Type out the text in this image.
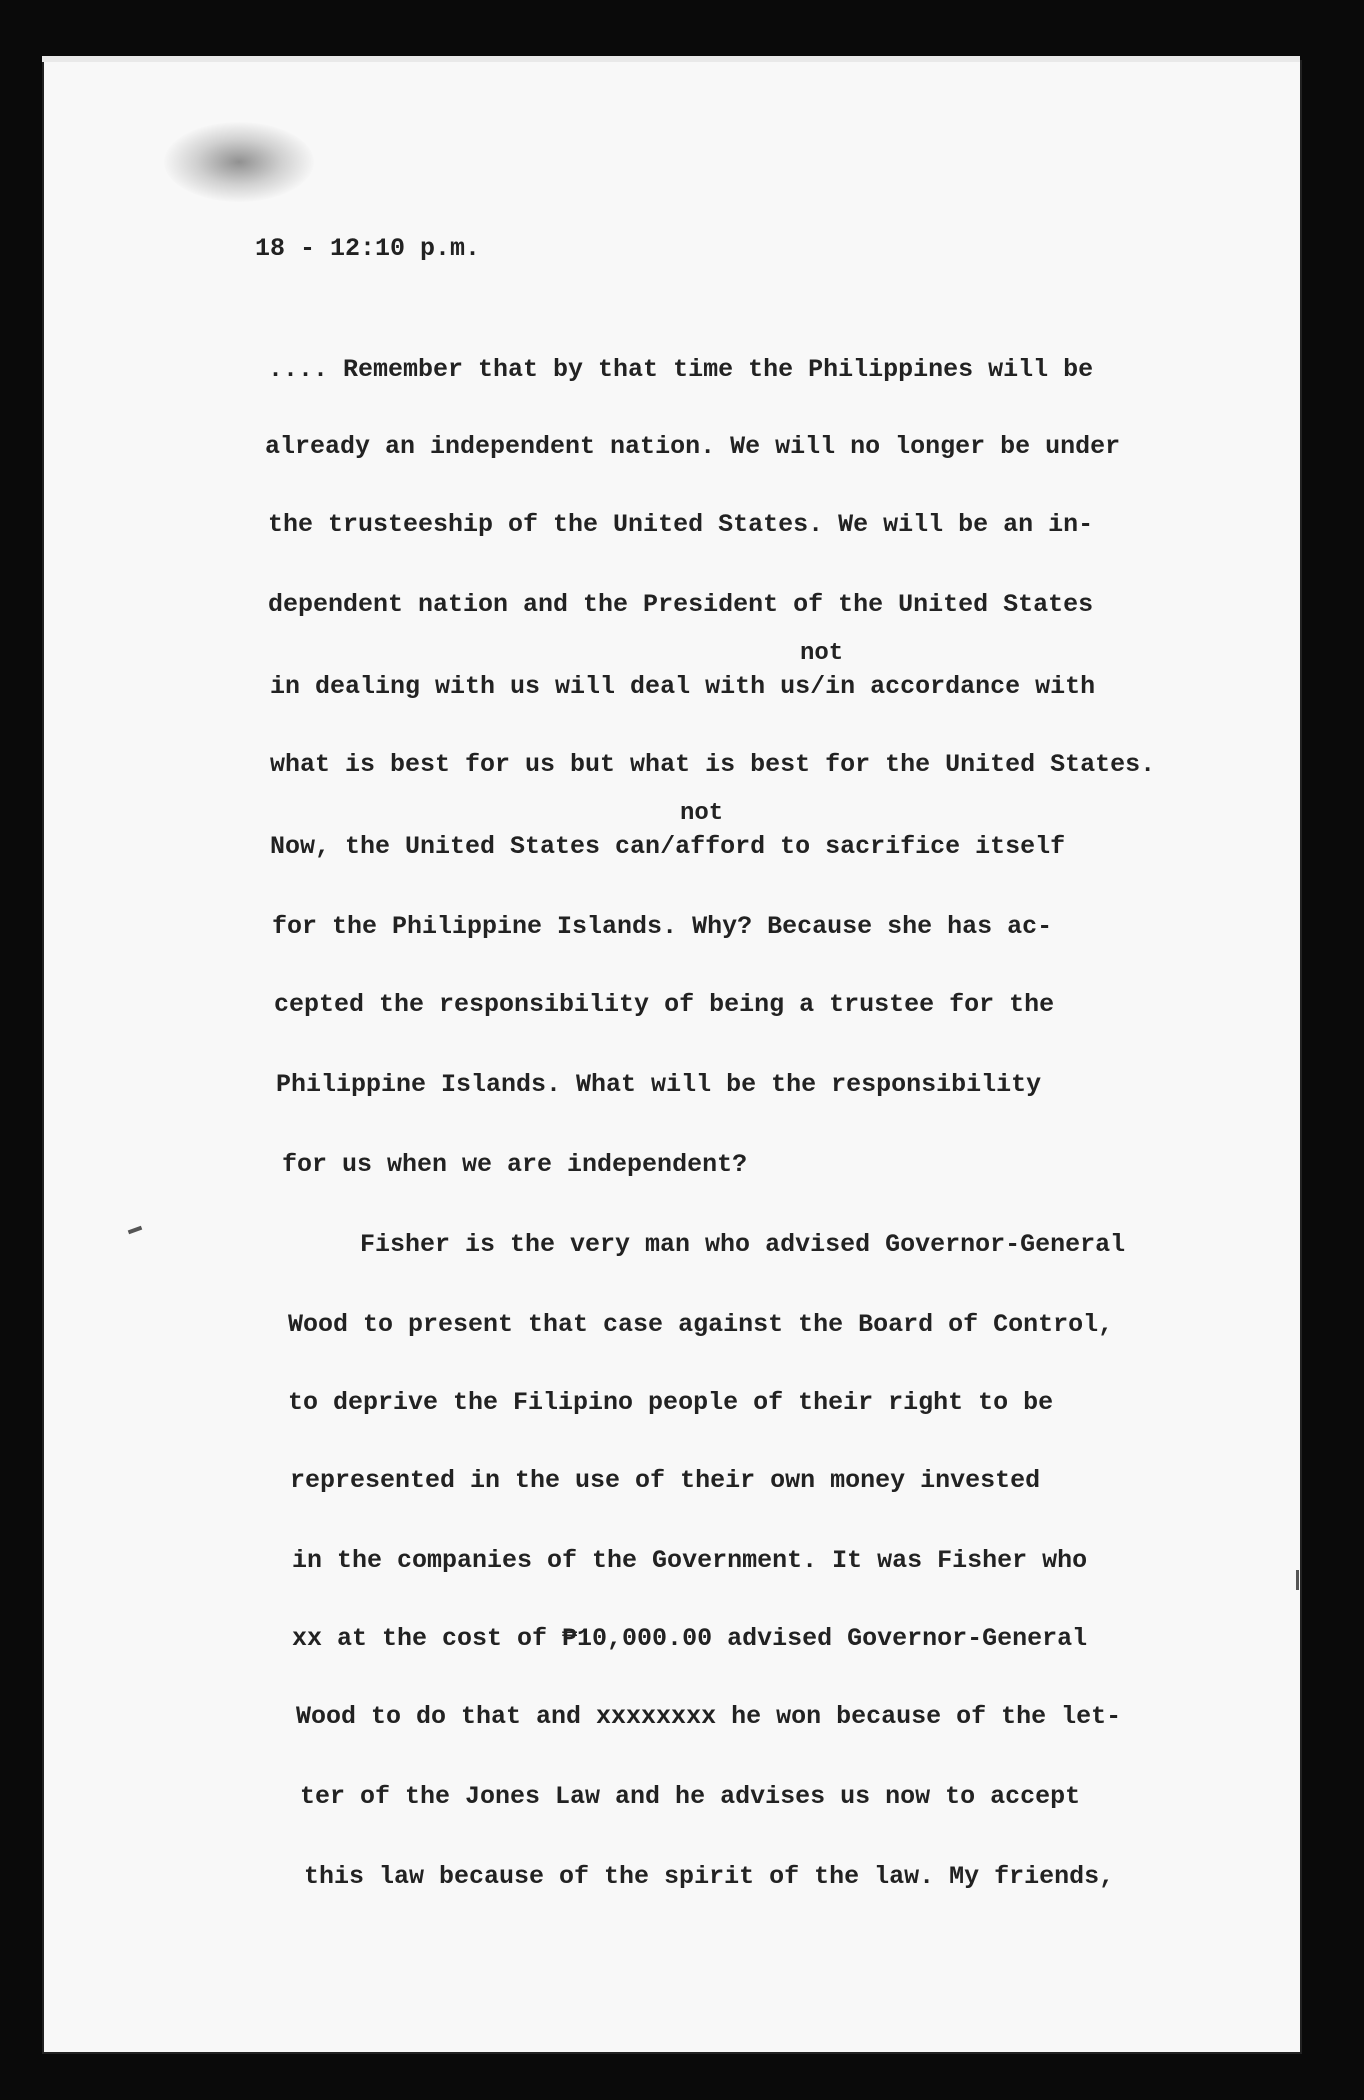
18 - 12:10 p.m.
.... Remember that by that time the Philippines will be
already an independent nation. We will no longer be under
the trusteeship of the United States. We will be an in-
dependent nation and the President of the United States
not
in dealing with us will deal with us/in accordance with
what is best for us but what is best for the United States.
not
Now, the United States can/afford to sacrifice itself
for the Philippine Islands. Why? Because she has ac-
cepted the responsibility of being a trustee for the
Philippine Islands. What will be the responsibility
for us when we are independent?
Fisher is the very man who advised Governor-General
Wood to present that case against the Board of Control,
to deprive the Filipino people of their right to be
represented in the use of their own money invested
in the companies of the Government. It was Fisher who
xx at the cost of ₱10,000.00 advised Governor-General
Wood to do that and xxxxxxxx he won because of the let-
ter of the Jones Law and he advises us now to accept
this law because of the spirit of the law. My friends,
